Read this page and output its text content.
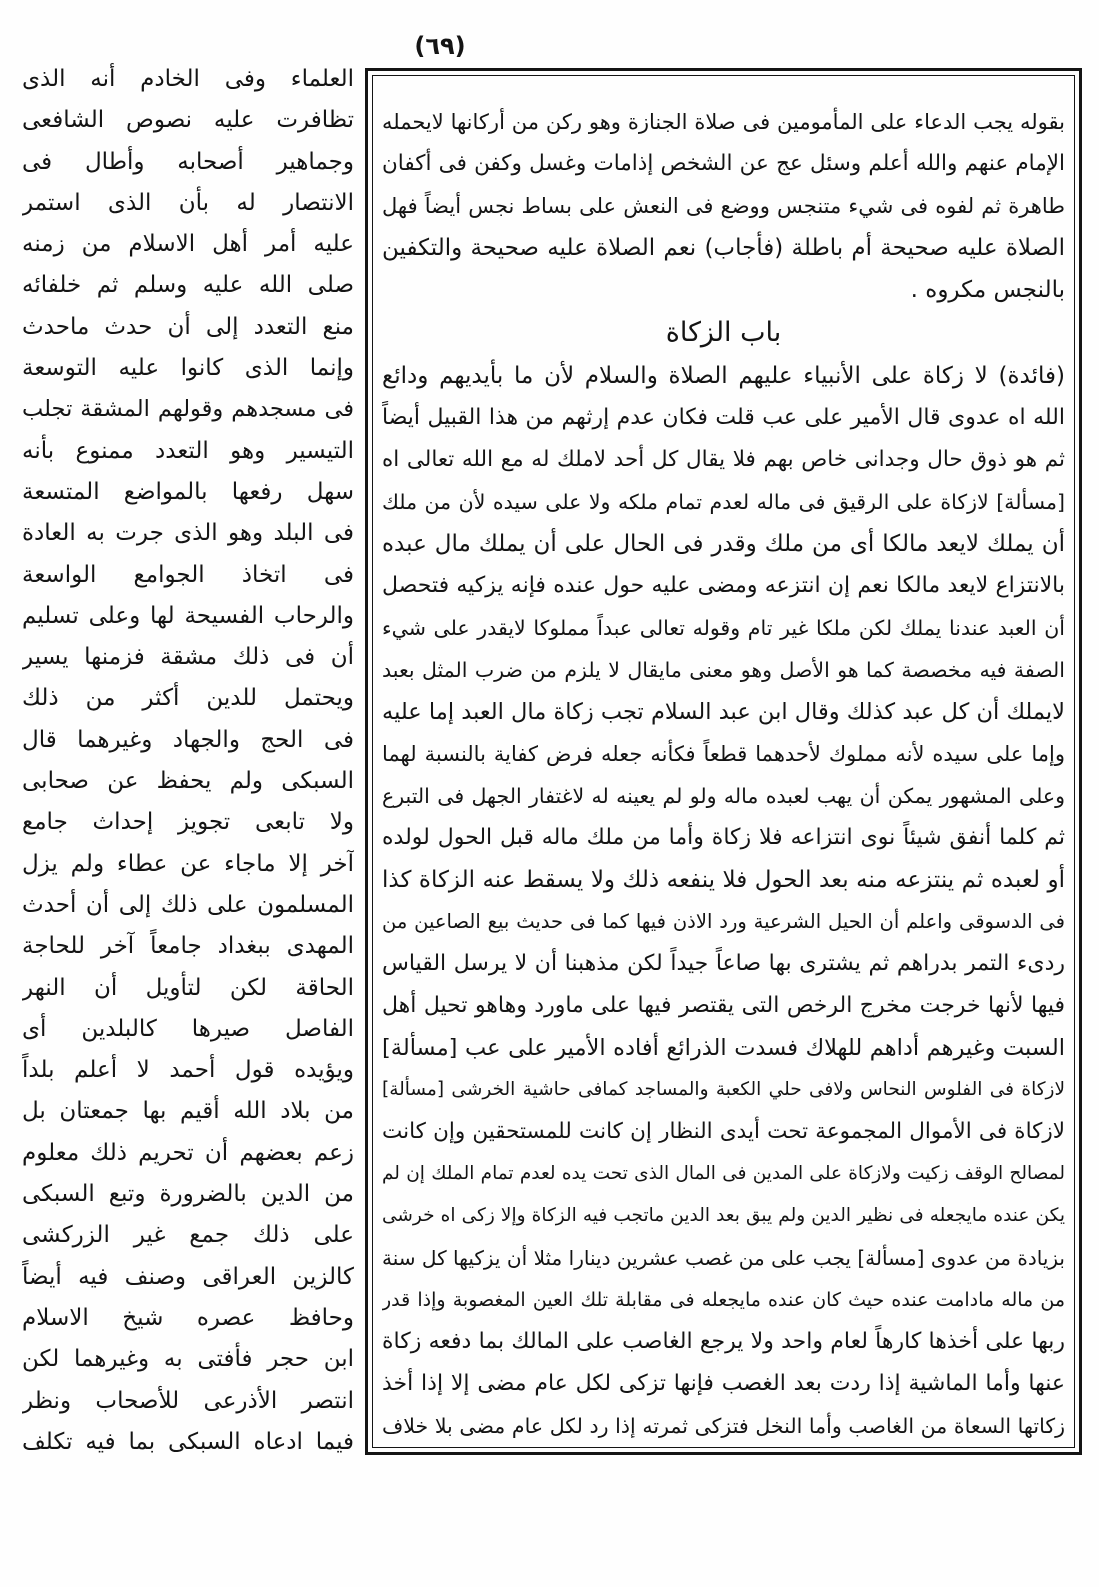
(٦٩)
العلماء وفى الخادم أنه الذى
تظافرت عليه نصوص الشافعى
وجماهير أصحابه وأطال فى
الانتصار له بأن الذى استمر
عليه أمر أهل الاسلام من زمنه
صلى الله عليه وسلم ثم خلفائه
منع التعدد إلى أن حدث ماحدث
وإنما الذى كانوا عليه التوسعة
فى مسجدهم وقولهم المشقة تجلب
التيسير وهو التعدد ممنوع بأنه
سهل رفعها بالمواضع المتسعة
فى البلد وهو الذى جرت به العادة
فى اتخاذ الجوامع الواسعة
والرحاب الفسيحة لها وعلى تسليم
أن فى ذلك مشقة فزمنها يسير
ويحتمل للدين أكثر من ذلك
فى الحج والجهاد وغيرهما قال
السبكى ولم يحفظ عن صحابى
ولا تابعى تجويز إحداث جامع
آخر إلا ماجاء عن عطاء ولم يزل
المسلمون على ذلك إلى أن أحدث
المهدى ببغداد جامعاً آخر للحاجة
الحاقة لكن لتأويل أن النهر
الفاصل صيرها كالبلدين أى
ويؤيده قول أحمد لا أعلم بلداً
من بلاد الله أقيم بها جمعتان بل
زعم بعضهم أن تحريم ذلك معلوم
من الدين بالضرورة وتبع السبكى
على ذلك جمع غير الزركشى
كالزين العراقى وصنف فيه أيضاً
وحافظ عصره شيخ الاسلام
ابن حجر فأفتى به وغيرهما لكن
انتصر الأذرعى للأصحاب ونظر
فيما ادعاه السبكى بما فيه تكلف
بقوله يجب الدعاء على المأمومين فى صلاة الجنازة وهو ركن من أركانها لايحمله
الإمام عنهم والله أعلم وسئل عج عن الشخص إذامات وغسل وكفن فى أكفان
طاهرة ثم لفوه فى شيء متنجس ووضع فى النعش على بساط نجس أيضاً فهل
الصلاة عليه صحيحة أم باطلة (فأجاب) نعم الصلاة عليه صحيحة والتكفين
بالنجس مكروه .
باب الزكاة
(فائدة) لا زكاة على الأنبياء عليهم الصلاة والسلام لأن ما بأيديهم ودائع
الله اه عدوى قال الأمير على عب قلت فكان عدم إرثهم من هذا القبيل أيضاً
ثم هو ذوق حال وجدانى خاص بهم فلا يقال كل أحد لاملك له مع الله تعالى اه
[مسألة] لازكاة على الرقيق فى ماله لعدم تمام ملكه ولا على سيده لأن من ملك
أن يملك لايعد مالكا أى من ملك وقدر فى الحال على أن يملك مال عبده
بالانتزاع لايعد مالكا نعم إن انتزعه ومضى عليه حول عنده فإنه يزكيه فتحصل
أن العبد عندنا يملك لكن ملكا غير تام وقوله تعالى عبداً مملوكا لايقدر على شيء
الصفة فيه مخصصة كما هو الأصل وهو معنى مايقال لا يلزم من ضرب المثل بعبد
لايملك أن كل عبد كذلك وقال ابن عبد السلام تجب زكاة مال العبد إما عليه
وإما على سيده لأنه مملوك لأحدهما قطعاً فكأنه جعله فرض كفاية بالنسبة لهما
وعلى المشهور يمكن أن يهب لعبده ماله ولو لم يعينه له لاغتفار الجهل فى التبرع
ثم كلما أنفق شيئاً نوى انتزاعه فلا زكاة وأما من ملك ماله قبل الحول لولده
أو لعبده ثم ينتزعه منه بعد الحول فلا ينفعه ذلك ولا يسقط عنه الزكاة كذا
فى الدسوقى واعلم أن الحيل الشرعية ورد الاذن فيها كما فى حديث بيع الصاعين من
ردىء التمر بدراهم ثم يشترى بها صاعاً جيداً لكن مذهبنا أن لا يرسل القياس
فيها لأنها خرجت مخرج الرخص التى يقتصر فيها على ماورد وهاهو تحيل أهل
السبت وغيرهم أداهم للهلاك فسدت الذرائع أفاده الأمير على عب [مسألة]
لازكاة فى الفلوس النحاس ولافى حلي الكعبة والمساجد كمافى حاشية الخرشى [مسألة]
لازكاة فى الأموال المجموعة تحت أيدى النظار إن كانت للمستحقين وإن كانت
لمصالح الوقف زكيت ولازكاة على المدين فى المال الذى تحت يده لعدم تمام الملك إن لم
يكن عنده مايجعله فى نظير الدين ولم يبق بعد الدين ماتجب فيه الزكاة وإلا زكى اه خرشى
بزيادة من عدوى [مسألة] يجب على من غصب عشرين دينارا مثلا أن يزكيها كل سنة
من ماله مادامت عنده حيث كان عنده مايجعله فى مقابلة تلك العين المغصوبة وإذا قدر
ربها على أخذها كارهاً لعام واحد ولا يرجع الغاصب على المالك بما دفعه زكاة
عنها وأما الماشية إذا ردت بعد الغصب فإنها تزكى لكل عام مضى إلا إذا أخذ
زكاتها السعاة من الغاصب وأما النخل فتزكى ثمرته إذا رد لكل عام مضى بلا خلاف
